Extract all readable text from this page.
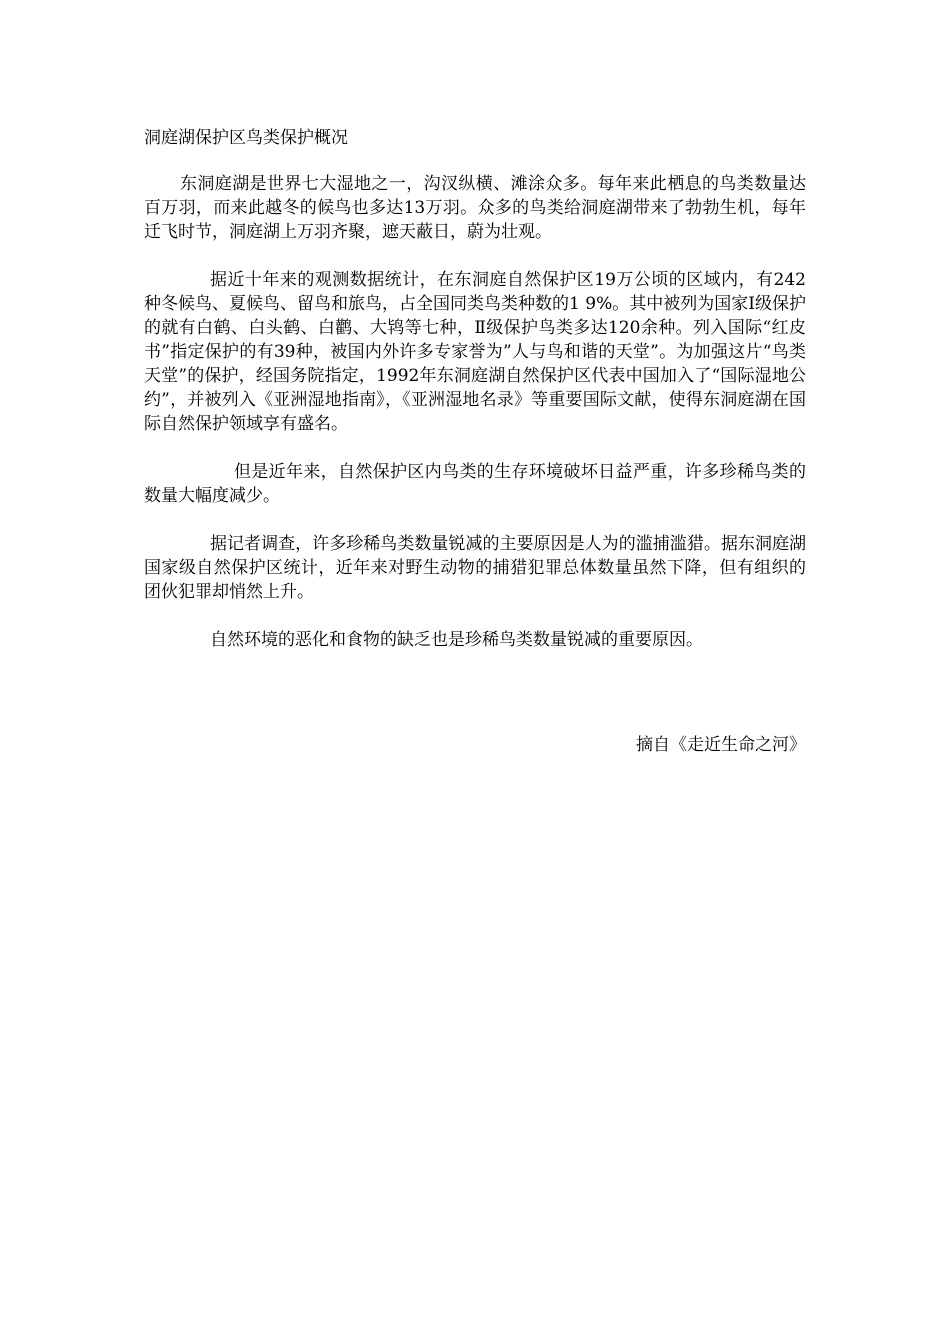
洞庭湖保护区鸟类保护概况

东洞庭湖是世界七大湿地之一，沟汊纵横、滩涂众多。每年来此栖息的鸟类数量达百万羽，而来此越冬的候鸟也多达13万羽。众多的鸟类给洞庭湖带来了勃勃生机，每年迁飞时节，洞庭湖上万羽齐聚，遮天蔽日，蔚为壮观。

据近十年来的观测数据统计，在东洞庭自然保护区19万公顷的区域内，有242种冬候鸟、夏候鸟、留鸟和旅鸟，占全国同类鸟类种数的1 9%。其中被列为国家Ⅰ级保护的就有白鹤、白头鹤、白鹳、大鸨等七种，Ⅱ级保护鸟类多达120余种。列入国际“红皮书”指定保护的有39种，被国内外许多专家誉为”人与鸟和谐的天堂”。为加强这片“鸟类天堂”的保护，经国务院指定，1992年东洞庭湖自然保护区代表中国加入了“国际湿地公约”，并被列入《亚洲湿地指南》，《亚洲湿地名录》等重要国际文献，使得东洞庭湖在国际自然保护领域享有盛名。

但是近年来，自然保护区内鸟类的生存环境破坏日益严重，许多珍稀鸟类的数量大幅度减少。

据记者调查，许多珍稀鸟类数量锐减的主要原因是人为的滥捕滥猎。据东洞庭湖国家级自然保护区统计，近年来对野生动物的捕猎犯罪总体数量虽然下降，但有组织的团伙犯罪却悄然上升。

自然环境的恶化和食物的缺乏也是珍稀鸟类数量锐减的重要原因。

摘自《走近生命之河》
